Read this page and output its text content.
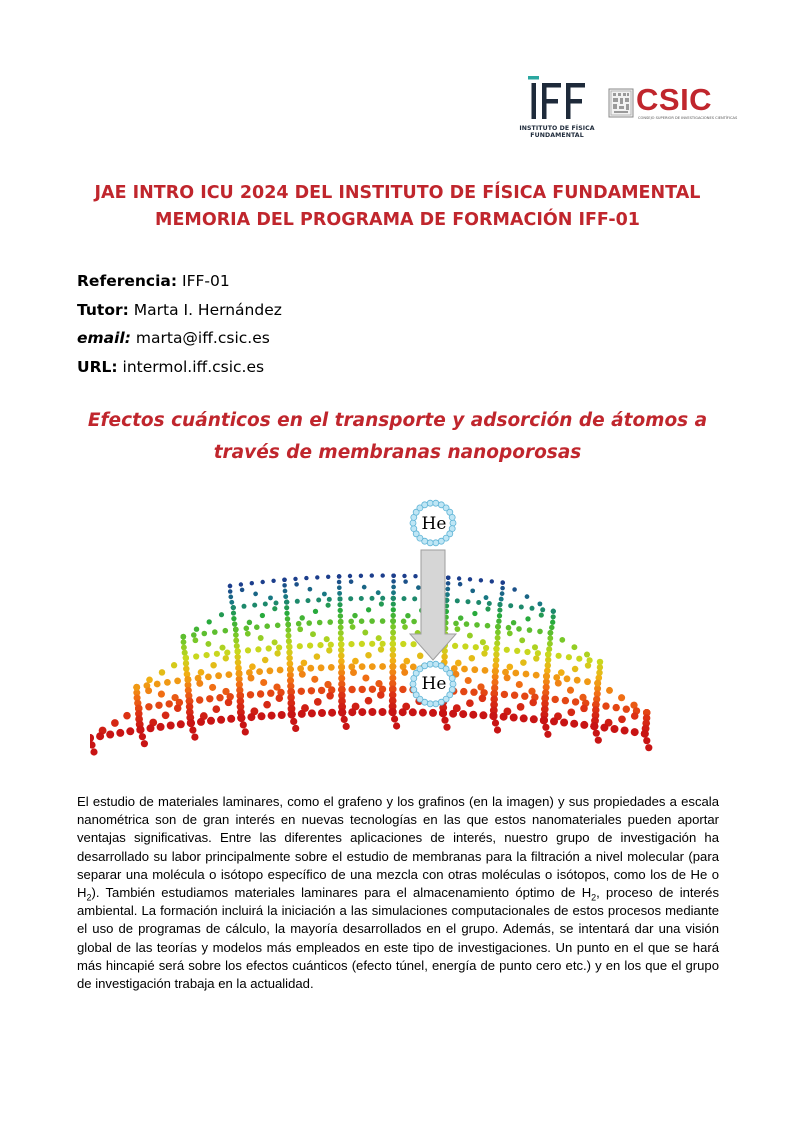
INSTITUTO DE FÍSICA
FUNDAMENTAL
CSIC
CONSEJO SUPERIOR DE INVESTIGACIONES CIENTÍFICAS
JAE INTRO ICU 2024 DEL INSTITUTO DE FÍSICA FUNDAMENTAL
MEMORIA DEL PROGRAMA DE FORMACIÓN IFF-01
Referencia: IFF-01
Tutor: Marta I. Hernández
email: marta@iff.csic.es
URL: intermol.iff.csic.es
Efectos cuánticos en el transporte y adsorción de átomos a
través de membranas nanoporosas
He
He
El estudio de materiales laminares, como el grafeno y los grafinos (en la imagen) y sus propiedades a escala nanométrica son de gran interés en nuevas tecnologías en las que estos nanomateriales pueden aportar ventajas significativas. Entre las diferentes aplicaciones de interés, nuestro grupo de investigación ha desarrollado su labor principalmente sobre el estudio de membranas para la filtración a nivel molecular (para separar una molécula o isótopo específico de una mezcla con otras moléculas o isótopos, como los de He o $H_2$). También estudiamos materiales laminares para el almacenamiento óptimo de $H_2$, proceso de interés ambiental. La formación incluirá la iniciación a las simulaciones computacionales de estos procesos mediante el uso de programas de cálculo, la mayoría desarrollados en el grupo. Además, se intentará dar una visión global de las teorías y modelos más empleados en este tipo de investigaciones. Un punto en el que se hará más hincapié será sobre los efectos cuánticos (efecto túnel, energía de punto cero etc.) y en los que el grupo de investigación trabaja en la actualidad.
